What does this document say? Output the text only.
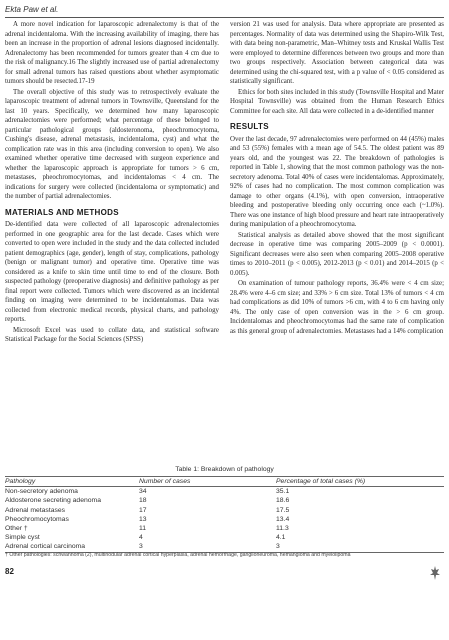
Ekta Paw et al.

A more novel indication for laparoscopic adrenalectomy is that of the adrenal incidentaloma. With the increasing availability of imaging, there has been an increase in the proportion of adrenal lesions diagnosed incidentally. Adrenalectomy has been recommended for tumors greater than 4 cm due to the risk of malignancy.16 The slightly increased use of partial adrenalectomy for small adrenal tumors has raised questions about whether asymptomatic tumors should be resected.17-19

The overall objective of this study was to retrospectively evaluate the laparoscopic treatment of adrenal tumors in Townsville, Queensland for the last 10 years. Specifically, we determined how many laparoscopic adrenalectomies were performed; what percentage of these belonged to particular pathological groups (aldosteronoma, pheochromocytoma, Cushing's disease, adrenal metastasis, incidentaloma, cyst) and what the complication rate was in this area (including conversion to open). We also examined whether operative time decreased with surgeon experience and whether the laparoscopic approach is appropriate for tumors > 6 cm, metastases, pheochromocytomas, and incidentalomas < 4 cm. The indications for surgery were collected (incidentaloma or symptomatic) and the number of partial adrenalectomies.

MATERIALS AND METHODS

De-identified data were collected of all laparoscopic adrenalectomies performed in one geographic area for the last decade. Cases which were converted to open were included in the study and the data collected included patient demographics (age, gender), length of stay, complications, pathology (benign or malignant tumor) and operative time. Operative time was considered as a knife to skin time until time to end of the closure. Both suspected pathology (preoperative diagnosis) and definitive pathology as per final report were collected. Tumors which were discovered as an incidental finding on imaging were determined to be incidentalomas. Data was collected from electronic medical records, physical charts, and pathology reports.

Microsoft Excel was used to collate data, and statistical software Statistical Package for the Social Sciences (SPSS)

version 21 was used for analysis. Data where appropriate are presented as percentages. Normality of data was determined using the Shapiro-Wilk Test, with data being non-parametric, Man–Whitney tests and Kruskal Wallis Test were employed to determine differences between two groups and more than two groups respectively. Association between categorical data was determined using the chi-squared test, with a p value of < 0.05 considered as statistically significant.

Ethics for both sites included in this study (Townsville Hospital and Mater Hospital Townsville) was obtained from the Human Research Ethics Committee for each site. All data were collected in a de-identified manner

RESULTS

Over the last decade, 97 adrenalectomies were performed on 44 (45%) males and 53 (55%) females with a mean age of 54.5. The oldest patient was 89 years old, and the youngest was 22. The breakdown of pathologies is reported in Table 1, showing that the most common pathology was the non-secretory adenoma. Total 40% of cases were incidentalomas. Approximately, 92% of cases had no complication. The most common complication was damage to other organs (4.1%), with open conversion, intraoperative bleeding and postoperative bleeding only occurring once each (~1.0%). There was one instance of high blood pressure and heart rate intraoperatively during manipulation of a pheochromocytoma.

Statistical analysis as detailed above showed that the most significant decrease in operative time was comparing 2005–2009 (p < 0.0001). Significant decreases were also seen when comparing 2005–2008 operative times to 2010–2011 (p < 0.005), 2012-2013 (p < 0.01) and 2014–2015 (p < 0.005).

On examination of tumour pathology reports, 36.4% were < 4 cm size; 28.4% were 4–6 cm size; and 33% > 6 cm size. Total 13% of tumors < 4 cm had complications as did 10% of tumors >6 cm, with 4 to 6 cm having only 4%. The only case of open conversion was in the > 6 cm group. Incidentalomas and pheochromocytomas had the same rate of complication as this general group of adrenalectomies. Metastases had a 14% complication

Table 1: Breakdown of pathology
Pathology	Number of cases	Percentage of total cases (%)
Non-secretory adenoma	34	35.1
Aldosterone secreting adenoma	18	18.6
Adrenal metastases	17	17.5
Pheochromocytomas	13	13.4
Other †	11	11.3
Simple cyst	4	4.1
Adrenal cortical carcinoma	3	3
† Other pathologies: schwannoma (2), multinodular adrenal cortical hyperplasia, adrenal hemorrhage, ganglioneuroma, hemangioma and myelolipoma
82
